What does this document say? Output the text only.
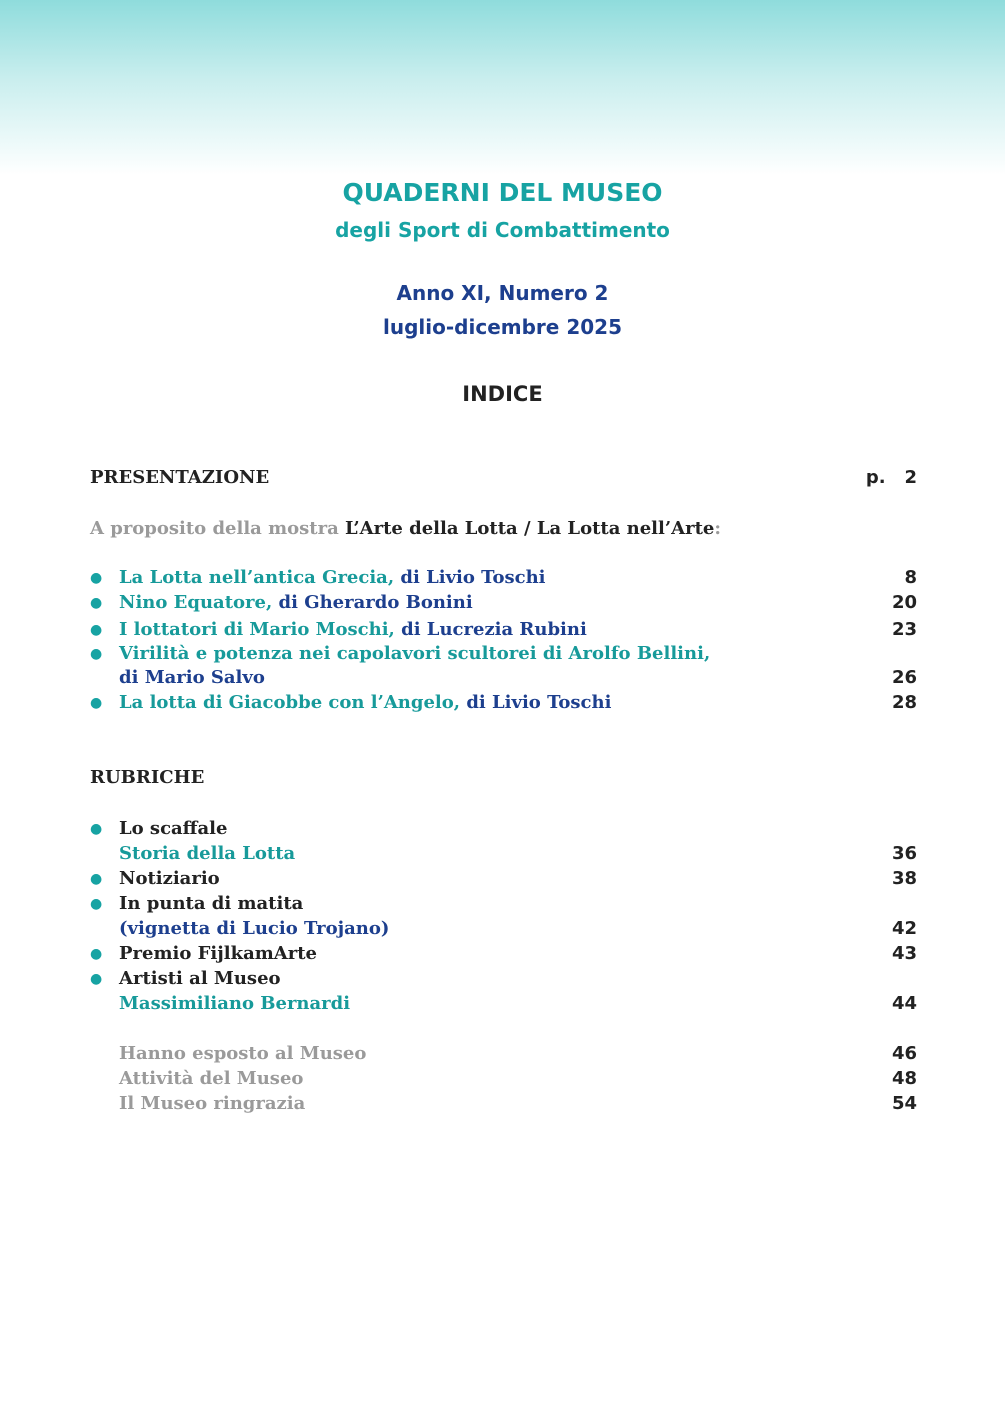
QUADERNI DEL MUSEO
degli Sport di Combattimento
Anno XI, Numero 2
luglio-dicembre 2025
INDICE
PRESENTAZIONE	p. 2
A proposito della mostra L’Arte della Lotta / La Lotta nell’Arte:
● La Lotta nell’antica Grecia, di Livio Toschi	8
● Nino Equatore, di Gherardo Bonini	20
● I lottatori di Mario Moschi, di Lucrezia Rubini	23
● Virilità e potenza nei capolavori scultorei di Arolfo Bellini,
di Mario Salvo	26
● La lotta di Giacobbe con l’Angelo, di Livio Toschi	28
RUBRICHE
● Lo scaffale
Storia della Lotta	36
● Notiziario	38
● In punta di matita
(vignetta di Lucio Trojano)	42
● Premio FijlkamArte	43
● Artisti al Museo
Massimiliano Bernardi	44
Hanno esposto al Museo	46
Attività del Museo	48
Il Museo ringrazia	54
